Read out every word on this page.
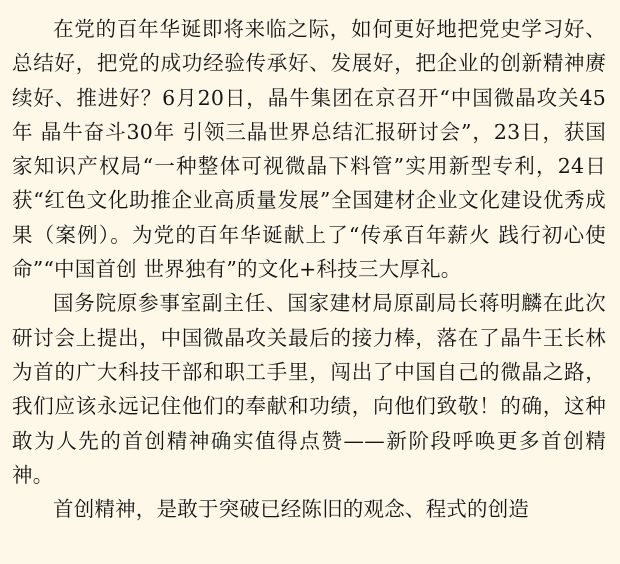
在党的百年华诞即将来临之际，如何更好地把党史学习好、总结好，把党的成功经验传承好、发展好，把企业的创新精神赓续好、推进好？6月20日，晶牛集团在京召开“中国微晶攻关45年 晶牛奋斗30年 引领三晶世界总结汇报研讨会”，23日，获国家知识产权局“一种整体可视微晶下料管”实用新型专利，24日获“红色文化助推企业高质量发展”全国建材企业文化建设优秀成果（案例）。为党的百年华诞献上了“传承百年薪火 践行初心使命”“中国首创 世界独有”的文化+科技三大厚礼。

国务院原参事室副主任、国家建材局原副局长蒋明麟在此次研讨会上提出，中国微晶攻关最后的接力棒，落在了晶牛王长林为首的广大科技干部和职工手里，闯出了中国自己的微晶之路，我们应该永远记住他们的奉献和功绩，向他们致敬！的确，这种敢为人先的首创精神确实值得点赞——新阶段呼唤更多首创精神。

首创精神，是敢于突破已经陈旧的观念、程式的创造
